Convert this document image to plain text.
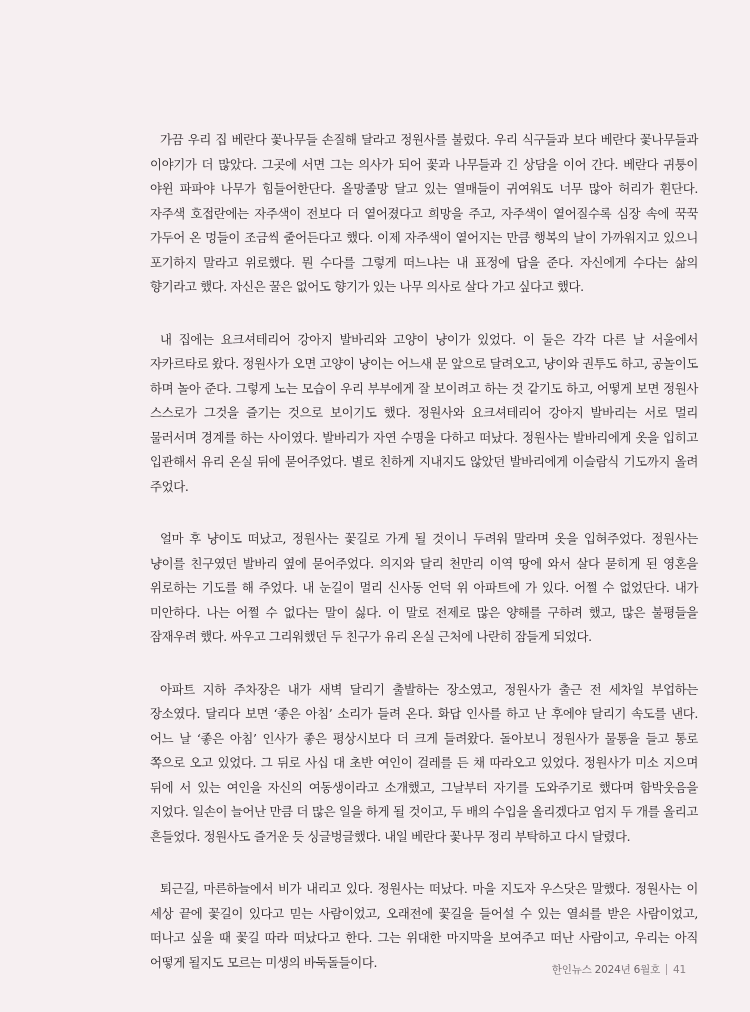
가끔 우리 집 베란다 꽃나무들 손질해 달라고 정원사를 불렀다. 우리 식구들과 보다 베란다 꽃나무들과 이야기가 더 많았다. 그곳에 서면 그는 의사가 되어 꽃과 나무들과 긴 상담을 이어 간다. 베란다 귀퉁이 야윈 파파야 나무가 힘들어한단다. 올망졸망 달고 있는 열매들이 귀여워도 너무 많아 허리가 휜단다. 자주색 호접란에는 자주색이 전보다 더 옅어졌다고 희망을 주고, 자주색이 옅어질수록 심장 속에 꾹꾹 가두어 온 멍들이 조금씩 줄어든다고 했다. 이제 자주색이 옅어지는 만큼 행복의 날이 가까워지고 있으니 포기하지 말라고 위로했다. 뭔 수다를 그렇게 떠느냐는 내 표정에 답을 준다. 자신에게 수다는 삶의 향기라고 했다. 자신은 꿀은 없어도 향기가 있는 나무 의사로 살다 가고 싶다고 했다.

내 집에는 요크셔테리어 강아지 발바리와 고양이 냥이가 있었다. 이 둘은 각각 다른 날 서울에서 자카르타로 왔다. 정원사가 오면 고양이 냥이는 어느새 문 앞으로 달려오고, 냥이와 권투도 하고, 공놀이도 하며 놀아 준다. 그렇게 노는 모습이 우리 부부에게 잘 보이려고 하는 것 같기도 하고, 어떻게 보면 정원사 스스로가 그것을 즐기는 것으로 보이기도 했다. 정원사와 요크셔테리어 강아지 발바리는 서로 멀리 물러서며 경계를 하는 사이였다. 발바리가 자연 수명을 다하고 떠났다. 정원사는 발바리에게 옷을 입히고 입관해서 유리 온실 뒤에 묻어주었다. 별로 친하게 지내지도 않았던 발바리에게 이슬람식 기도까지 올려 주었다.

얼마 후 냥이도 떠났고, 정원사는 꽃길로 가게 될 것이니 두려워 말라며 옷을 입혀주었다. 정원사는 냥이를 친구였던 발바리 옆에 묻어주었다. 의지와 달리 천만리 이역 땅에 와서 살다 묻히게 된 영혼을 위로하는 기도를 해 주었다. 내 눈길이 멀리 신사동 언덕 위 아파트에 가 있다. 어쩔 수 없었단다. 내가 미안하다. 나는 어쩔 수 없다는 말이 싫다. 이 말로 전제로 많은 양해를 구하려 했고, 많은 불평들을 잠재우려 했다. 싸우고 그리워했던 두 친구가 유리 온실 근처에 나란히 잠들게 되었다.

아파트 지하 주차장은 내가 새벽 달리기 출발하는 장소였고, 정원사가 출근 전 세차일 부업하는 장소였다. 달리다 보면 ‘좋은 아침’ 소리가 들려 온다. 화답 인사를 하고 난 후에야 달리기 속도를 낸다. 어느 날 ‘좋은 아침’ 인사가 좋은 평상시보다 더 크게 들려왔다. 돌아보니 정원사가 물통을 들고 통로 쪽으로 오고 있었다. 그 뒤로 사십 대 초반 여인이 걸레를 든 채 따라오고 있었다. 정원사가 미소 지으며 뒤에 서 있는 여인을 자신의 여동생이라고 소개했고, 그날부터 자기를 도와주기로 했다며 함박웃음을 지었다. 일손이 늘어난 만큼 더 많은 일을 하게 될 것이고, 두 배의 수입을 올리겠다고 엄지 두 개를 올리고 흔들었다. 정원사도 즐거운 듯 싱글벙글했다. 내일 베란다 꽃나무 정리 부탁하고 다시 달렸다.

퇴근길, 마른하늘에서 비가 내리고 있다. 정원사는 떠났다. 마을 지도자 우스닷은 말했다. 정원사는 이 세상 끝에 꽃길이 있다고 믿는 사람이었고, 오래전에 꽃길을 들어설 수 있는 열쇠를 받은 사람이었고, 떠나고 싶을 때 꽃길 따라 떠났다고 한다. 그는 위대한 마지막을 보여주고 떠난 사람이고, 우리는 아직 어떻게 될지도 모르는 미생의 바둑돌들이다.

한인뉴스 2024년 6월호 41
